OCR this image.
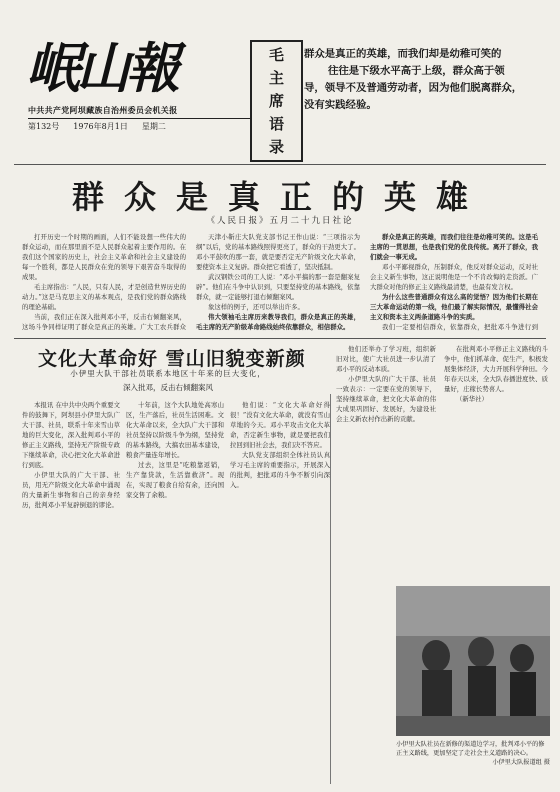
岷山報
中共共产党阿坝藏族自治州委员会机关报
第132号 1976年8月1日 星期二
毛
主
席
语
录

群众是真正的英雄，而我们却是幼稚可笑的

往往是下级水平高于上级，群众高于领导，领导不及普通劳动者，因为他们脱离群众，没有实践经验。

群众是真正的英雄
《人民日报》五月二十九日社论

打开历史一个时期的画面，人们不能设想一些伟大的群众运动，而在那里面不是人民群众起着主要作用的。在我们这个国家的历史上，社会主义革命和社会主义建设的每一个胜利，都是人民群众在党的领导下艰苦奋斗取得的成果。

毛主席指出：“人民，只有人民，才是创造世界历史的动力。”这是马克思主义的基本观点，是我们党的群众路线的理论基础。

当前，我们正在深入批判邓小平，反击右倾翻案风，这场斗争同样证明了群众是真正的英雄。广大工农兵群众

天津小靳庄大队党支部书记王作山说：“三项指示为纲”以后，党的基本路线照得更亮了，群众的干劲更大了。邓小平鼓吹的那一套，就是要否定无产阶级文化大革命，要使资本主义复辟。群众把它看透了，坚决抵制。

武汉钢铁公司的工人说：“邓小平搞的那一套是翻案复辟”。他们在斗争中认识到，只要坚持党的基本路线，依靠群众，就一定能够打退右倾翻案风。

象这样的例子，还可以举出许多。

伟大领袖毛主席历来教导我们，群众是真正的英雄，毛主席的无产阶级革命路线始终依靠群众，相信群众。

群众是真正的英雄，而我们往往是幼稚可笑的。这是毛主席的一贯思想，也是我们党的优良传统。离开了群众，我们就会一事无成。

邓小平鄙视群众，压制群众，他反对群众运动，反对社会主义新生事物，这正说明他是一个不肯改悔的走资派。广大群众对他的修正主义路线最清楚，也最有发言权。

为什么这些普通群众有这么高的觉悟？因为他们长期在三大革命运动的第一线，他们最了解实际情况，最懂得社会主义和资本主义两条道路斗争的实质。

我们一定要相信群众，依靠群众，把批邓斗争进行到

文化大革命好 雪山旧貌变新颜
小伊里大队干部社员联系本地区十年来的巨大变化，
深入批邓，反击右倾翻案风

本报讯 在中共中央两个重要文件的鼓舞下，阿坝县小伊里大队广大干部、社员，联系十年来雪山草地的巨大变化，深入批判邓小平的修正主义路线，坚持无产阶级专政下继续革命，决心把文化大革命进行到底。

小伊里大队的广大干部、社员，用无产阶级文化大革命中涌现的大量新生事物和自己的亲身经历，批判邓小平复辟倒退的谬论。

十年前，这个大队地处高寒山区，生产落后，社员生活困难。文化大革命以来，全大队广大干部和社员坚持以阶级斗争为纲，坚持党的基本路线，大搞农田基本建设，粮食产量连年增长。

过去，这里是“吃粮靠返销，生产靠贷款，生活靠救济”。现在，实现了粮食自给有余，还向国家交售了余粮。

他们说：“文化大革命好得很！”没有文化大革命，就没有雪山草地的今天。邓小平攻击文化大革命，否定新生事物，就是要把我们拉回到旧社会去，我们决不答应。

大队党支部组织全体社员认真学习毛主席的重要指示，开展深入的批判，把批邓的斗争不断引向深入。

他们还举办了学习班，组织新旧对比，使广大社员进一步认清了邓小平的反动本质。

小伊里大队的广大干部、社员一致表示：一定要在党的领导下，坚持继续革命，把文化大革命的伟大成果巩固好、发展好，为建设社会主义新农村作出新的贡献。

在批判邓小平修正主义路线的斗争中，他们抓革命、促生产，积极发展集体经济，大力开展科学种田。今年春天以来，全大队春播进度快、质量好，庄稼长势喜人。

（新华社）

小伊里大队社员在新修的渠道边学习，批判邓小平的修正主义路线，更加坚定了走社会主义道路的决心。
小伊里大队报道组 摄
